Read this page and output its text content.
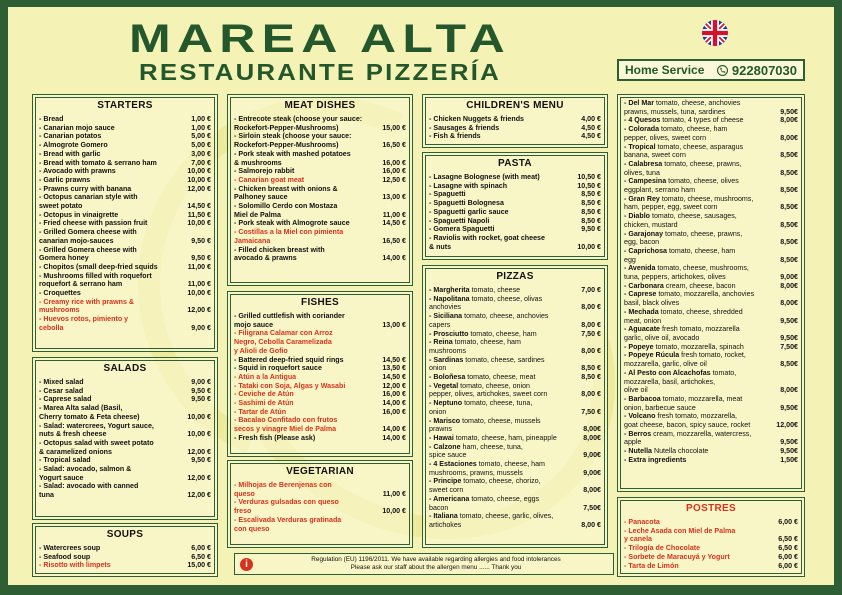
MAREA ALTA
RESTAURANTE PIZZERÍA	Home Service 922807030
STARTERS
- Bread	1,00 €
- Canarian mojo sauce	1,00 €
- Canarian potatos	5,00 €
- Almogrote Gomero	5,00 €
- Bread with garlic	3,00 €
- Bread with tomato & serrano ham	7,00 €
- Avocado with prawns	10,00 €
- Garlic prawns	10,00 €
- Prawns curry with banana	12,00 €
- Octopus canarian style with
sweet potato	14,50 €
- Octopus in vinaigrette	11,50 €
- Fried cheese with passion fruit	10,00 €
- Grilled Gomera cheese with
canarian mojo-sauces	9,50 €
- Grilled Gomera cheese with
Gomera honey	9,50 €
- Chopitos (small deep-fried squids	11,00 €
- Mushrooms filled with roquefort
roquefort & serrano ham	11,00 €
- Croquettes	10,00 €
- Creamy rice with prawns &
mushrooms	12,00 €
- Huevos rotos, pimiento y
cebolla	9,00 €
SALADS
- Mixed salad	9,00 €
- Cesar salad	9,50 €
- Caprese salad	9,50 €
- Marea Alta salad (Basil,
Cherry tomato & Feta cheese)	10,00 €
- Salad: watercrees, Yogurt sauce,
nuts & fresh cheese	10,00 €
- Octopus salad with sweet potato
& caramelized onions	12,00 €
- Tropical salad	9,50 €
- Salad: avocado, salmon &
Yogurt sauce	12,00 €
- Salad: avocado with canned
tuna	12,00 €
SOUPS
- Watercrees soup	6,00 €
- Seafood soup	6,50 €
- Risotto with limpets	15,00 €
MEAT DISHES
- Entrecote steak (choose your sauce:
Rockefort-Pepper-Mushrooms)	15,00 €
- Sirloin steak (choose your sauce:
Rockefort-Pepper-Mushrooms)	16,50 €
- Pork steak with mashed potatoes
& mushrooms	16,00 €
- Salmorejo rabbit	16,00 €
- Canarian goat meat	12,50 €
- Chicken breast with onions &
Palhoney sauce	13,00 €
- Solomillo Cerdo con Mostaza
Miel de Palma	11,00 €
- Pork steak with Almogrote sauce	14,50 €
- Costillas a la Miel con pimienta
Jamaicana	16,50 €
- Filled chicken breast with
avocado & prawns	14,00 €
FISHES
- Grilled cuttlefish with coriander
mojo sauce	13,00 €
- Filigrana Calamar con Arroz
Negro, Cebolla Caramelizada
y Alioli de Gofio
- Battered deep-fried squid rings	14,50 €
- Squid in roquefort sauce	13,50 €
- Atún a la Antigua	14,50 €
- Tataki con Soja, Algas y Wasabi	12,00 €
- Ceviche de Atún	16,00 €
- Sashimi de Atún	14,00 €
- Tartar de Atún	16,00 €
- Bacalao Confitado con frutos
secos y vinagre Miel de Palma	14,00 €
- Fresh fish (Please ask)	14,00 €
VEGETARIAN
- Milhojas de Berenjenas con
queso	11,00 €
- Verduras gulsadas con queso
freso	10,00 €
- Escalivada Verduras gratinada
con queso
CHILDREN'S MENU
- Chicken Nuggets & friends	4,00 €
- Sausages & friends	4,50 €
- Fish & friends	4,50 €
PASTA
- Lasagne Bolognese (with meat)	10,50 €
- Lasagne with spinach	10,50 €
- Spaguetti	8,50 €
- Spaguetti Bolognesa	8,50 €
- Spaguetti garlic sauce	8,50 €
- Spaguetti Napoli	8,50 €
- Gomera Spaguetti	9,50 €
- Raviolis with rocket, goat cheese
& nuts	10,00 €
PIZZAS
- Margherita tomato, cheese	7,00 €
- Napolitana tomato, cheese, olivas
anchovies	8,00 €
- Siciliana tomato, cheese, anchovies
capers	8,00 €
- Prosciutto tomato, cheese, ham	7,50 €
- Reina tomato, cheese, ham
mushrooms	8,00 €
- Sardinas tomato, cheese, sardines
onion	8,50 €
- Boloñesa tomato, cheese, meat	8,50 €
- Vegetal tomato, cheese, onion
pepper, olives, artichokes, sweet corn	8,00 €
- Neptuno tomato, cheese, tuna,
onion	7,50 €
- Marisco tomato, cheese, mussels
prawns	8,00€
- Hawai tomato, cheese, ham, pineapple	8,00€
- Calzone ham, cheese, tuna,
spice sauce	9,00€
- 4 Estaciones tomato, cheese, ham
mushrooms, prawns, mussels	9,00€
- Principe tomato, cheese, chorizo,
sweet corn	8,00€
- Americana tomato, cheese, eggs
bacon	7,50€
- Italiana tomato, cheese, garlic, olives,
artichokes	8,00 €
- Del Mar tomato, cheese, anchovies
prawns, mussels, tuna, sardines	9,50€
- 4 Quesos tomato, 4 types of cheese	8,00€
- Colorada tomato, cheese, ham
pepper, olives, sweet corn	8,00€
- Tropical tomato, cheese, asparagus
banana, sweet corn	8,50€
- Calabresa tomato, cheese, prawns,
olives, tuna	8,50€
- Campesina tomato, cheese, olives
eggplant, serrano ham	8,50€
- Gran Rey tomato, cheese, mushrooms,
ham, pepper, egg, sweet corn	8,50€
- Diablo tomato, cheese, sausages,
chicken, mustard	8,50€
- Garajonay tomato, cheese, prawns,
egg, bacon	8,50€
- Caprichosa tomato, cheese, ham
egg	8,50€
- Avenida tomato, cheese, mushrooms,
tuna, peppers, artichokes, olives	9,00€
- Carbonara cream, cheese, bacon	8,00€
- Caprese tomato, mozzarella, anchovies
basil, black olives	8,00€
- Mechada tomato, cheese, shredded
meat, onion	9,50€
- Aguacate fresh tomato, mozzarella
garlic, olive oil, avocado	9,50€
- Popeye tomato, mozzarella, spinach	7,50€
- Popeye Rúcula fresh tomato, rocket,
mozzarella, garlic, olive oil	8,50€
- Al Pesto con Alcachofas tomato,
mozzarella, basil, artichokes,
olive oil	8,00€
- Barbacoa tomato, mozzarella, meat
onion, barbecue sauce	9,50€
- Volcano fresh tomato, mozzarella,
goat cheese, bacon, spicy sauce, rocket	12,00€
- Berros cream, mozzarella, watercress, apple	9,50€
- Nutella Nutella chocolate	9,50€
- Extra ingredients	1,50€
POSTRES
- Panacota	6,00 €
- Leche Asada con Miel de Palma
y canela	6,50 €
- Trilogía de Chocolate	6,50 €
- Sorbete de Maracuyá y Yogurt	6,00 €
- Tarta de Limón	6,00 €
i	Regulation (EU) 1196/2011. We have available regarding allergies and food intolerances
Please ask our staff about the allergen menu ...... Thank you
